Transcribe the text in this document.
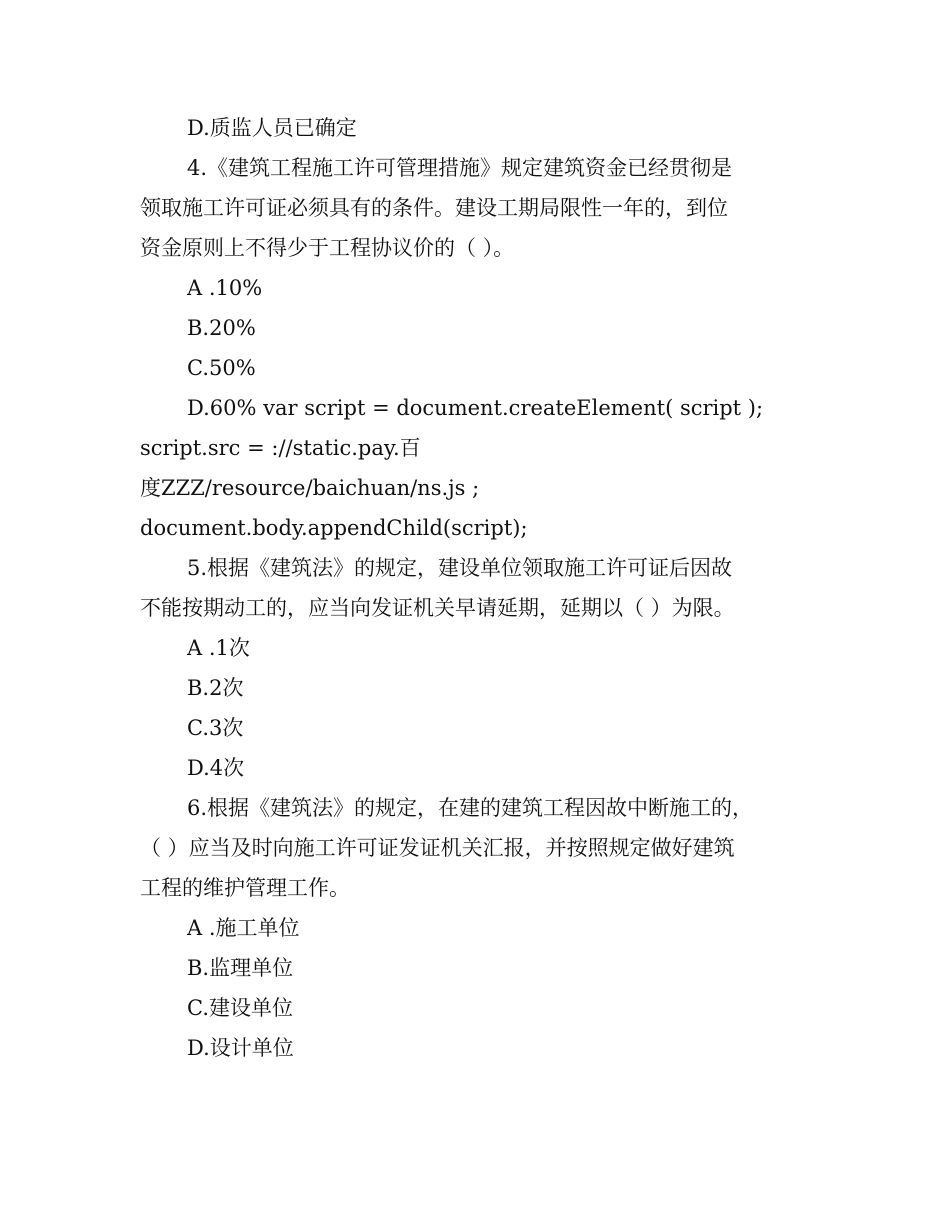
D.质监人员已确定
4.《建筑工程施工许可管理措施》规定建筑资金已经贯彻是
领取施工许可证必须具有的条件。建设工期局限性一年的，到位
资金原则上不得少于工程协议价的（ ）。
A .10%
B.20%
C.50%
D.60% var script = document.createElement( script );
script.src = ://static.pay.百
度ZZZ/resource/baichuan/ns.js ;
document.body.appendChild(script);
5.根据《建筑法》的规定，建设单位领取施工许可证后因故
不能按期动工的，应当向发证机关早请延期，延期以（ ）为限。
A .1次
B.2次
C.3次
D.4次
6.根据《建筑法》的规定，在建的建筑工程因故中断施工的，
（ ）应当及时向施工许可证发证机关汇报，并按照规定做好建筑
工程的维护管理工作。
A .施工单位
B.监理单位
C.建设单位
D.设计单位
